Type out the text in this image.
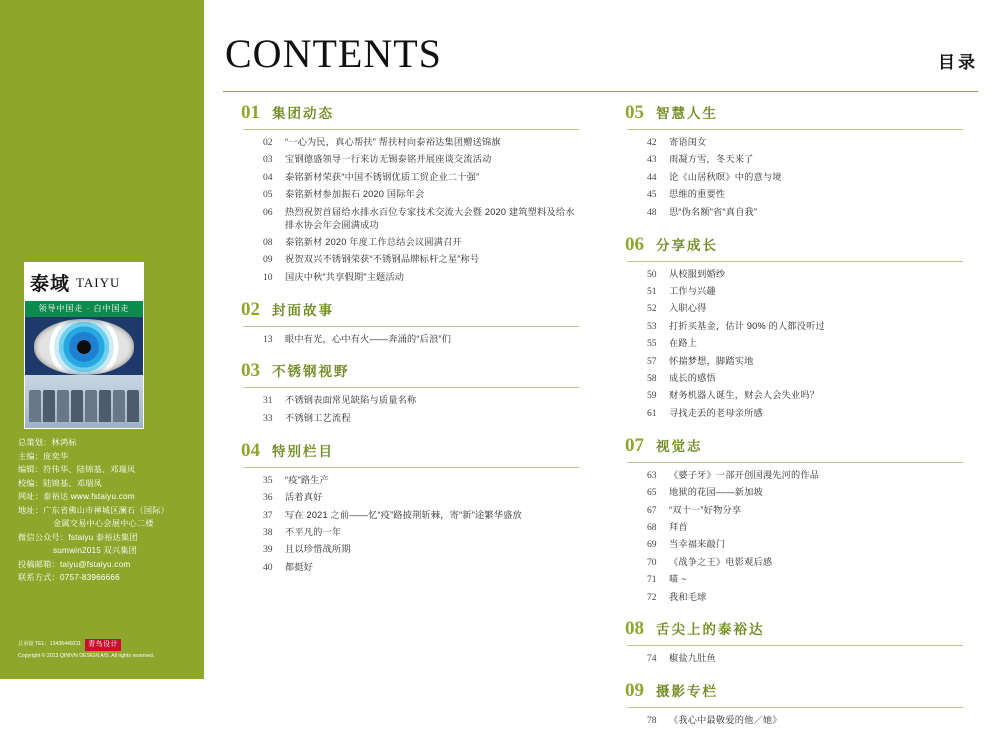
泰域 TAIYU
领导中国走 · 白中国走
总策划：林鸿标
主编：庞奕华
编辑：符伟华、陆锦基、邓瑞凤
校编：陆锦基、邓瑞凤
网址：泰裕达 www.fstaiyu.com
地址：广东省佛山市禅城区澜石（国际）
金属交易中心会展中心二楼
微信公众号：fstaiyu 泰裕达集团
sumwin2015 双兴集团
投稿邮箱：taiyu@fstaiyu.com
联系方式：0757-83966666
总承接 TEL：13436449211	青鸟设计
Copyright © 2013 QINIVN DESIGN A/S. All rights reserved.
CONTENTS	目录
01 集团动态
02	“一心为民，真心帮扶” 帮扶村向泰裕达集团赠送锦旗
03	宝钢德盛领导一行来访无锡泰铭并展座谈交流活动
04	泰铭新材荣获“中国不锈钢优质工贸企业二十强”
05	泰铭新材参加振石 2020 国际年会
06	热烈祝贺首届给水排水百位专家技术交流大会暨 2020 建筑塑料及给水排水协会年会圆满成功
08	泰铭新材 2020 年度工作总结会议圆满召开
09	祝贺双兴不锈钢荣获“不锈钢品牌标杆之星”称号
10	国庆中秋“共享假期”主题活动
02 封面故事
13	眼中有光，心中有火——奔涌的“后浪”们
03 不锈钢视野
31	不锈钢表面常见缺陷与质量名称
33	不锈钢工艺流程
04 特别栏目
35	“疫”路生产
36	活着真好
37	写在 2021 之前——忆“疫”路披荆斩棘，寄“新”途繁华盛放
38	不平凡的一年
39	且以珍惜战所期
40	都挺好
05 智慧人生
42	寄语闺女
43	雨凝方雪，冬天来了
44	论《山居秋暝》中的意与境
45	思维的重要性
48	思“伪名额”省“真自我”
06 分享成长
50	从校服到婚纱
51	工作与兴趣
52	入职心得
53	打折买基金，估计 90% 的人都没听过
55	在路上
57	怀揣梦想，脚踏实地
58	成长的感悟
59	财务机器人诞生，财会人会失业吗？
61	寻找走丢的老母亲所感
07 视觉志
63	《婆子牙》一部开创国漫先河的作品
65	地狱的花园——新加坡
67	“双十一”好物分享
68	拜首
69	当幸福来敲门
70	《战争之王》电影观后感
71	喵 ~
72	我和毛球
08 舌尖上的泰裕达
74	椒盐九肚鱼
09 摄影专栏
78	《我心中最敬爱的他／她》
